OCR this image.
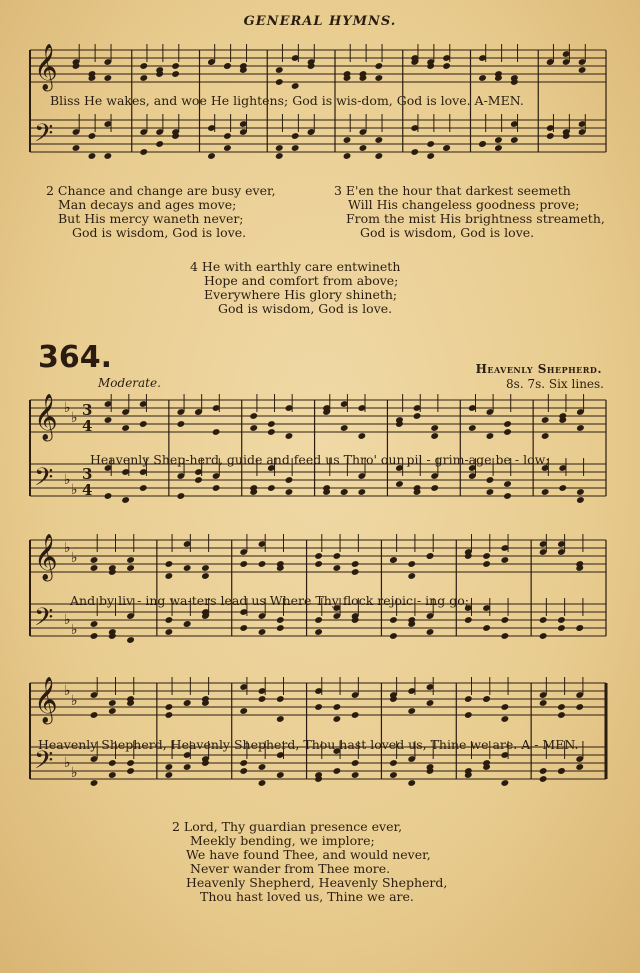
GENERAL HYMNS.
𝄞
𝄢
Bliss He wakes, and woe He lightens; God is wis-dom, God is love. A-MEN.
2 Chance and change are busy ever,
Man decays and ages move;
But His mercy waneth never;
God is wisdom, God is love.
3 E'en the hour that darkest seemeth
Will His changeless goodness prove;
From the mist His brightness streameth,
God is wisdom, God is love.
4 He with earthly care entwineth
Hope and comfort from above;
Everywhere His glory shineth;
God is wisdom, God is love.
364.	Heavenly Shepherd.
8s. 7s. Six lines.
Moderate.
𝄞
𝄢
♭
♭
♭
♭
3
4
3
4
Heavenly Shep-herd, guide and feed us Thro' our pil - grim-age be - low;
𝄞
𝄢
♭
♭
♭
♭
And by liv - ing wa-ters lead us Where Thy flock rejoic - ing go;
𝄞
𝄢
♭
♭
♭
♭
Heavenly Shepherd, Heavenly Shepherd, Thou hast loved us, Thine we are. A - MEN.
2 Lord, Thy guardian presence ever,
Meekly bending, we implore;
We have found Thee, and would never,
Never wander from Thee more.
Heavenly Shepherd, Heavenly Shepherd,
Thou hast loved us, Thine we are.
